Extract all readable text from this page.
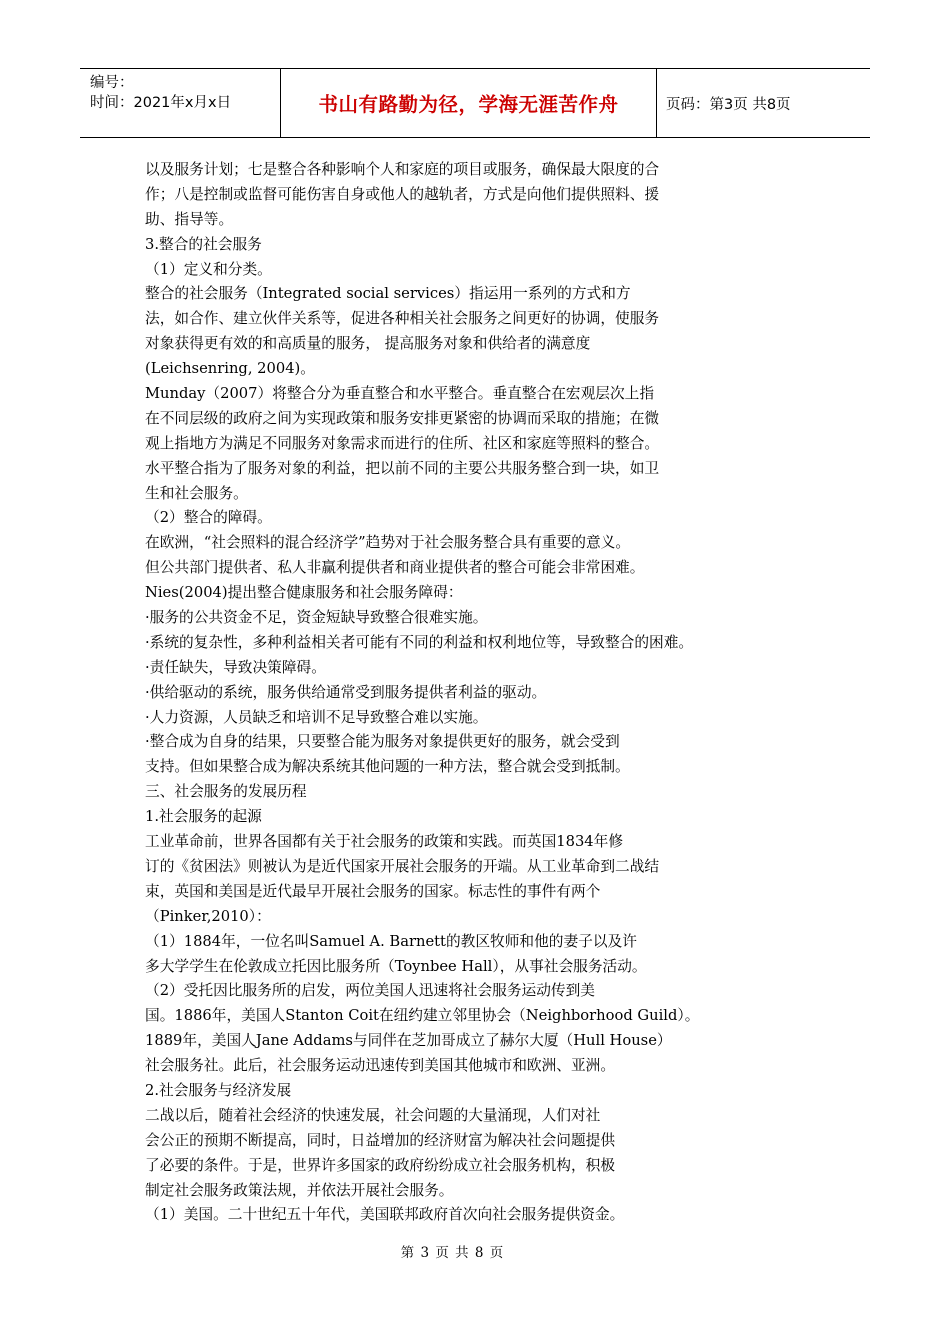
编号：
时间：2021年x月x日	书山有路勤为径，学海无涯苦作舟	页码：第3页 共8页
以及服务计划；七是整合各种影响个人和家庭的项目或服务，确保最大限度的合
作；八是控制或监督可能伤害自身或他人的越轨者，方式是向他们提供照料、援
助、指导等。
3.整合的社会服务
（1）定义和分类。
整合的社会服务（Integrated social services）指运用一系列的方式和方
法，如合作、建立伙伴关系等，促进各种相关社会服务之间更好的协调，使服务
对象获得更有效的和高质量的服务， 提高服务对象和供给者的满意度
(Leichsenring, 2004)。
Munday（2007）将整合分为垂直整合和水平整合。垂直整合在宏观层次上指
在不同层级的政府之间为实现政策和服务安排更紧密的协调而采取的措施；在微
观上指地方为满足不同服务对象需求而进行的住所、社区和家庭等照料的整合。
水平整合指为了服务对象的利益，把以前不同的主要公共服务整合到一块，如卫
生和社会服务。
（2）整合的障碍。
在欧洲，“社会照料的混合经济学”趋势对于社会服务整合具有重要的意义。
但公共部门提供者、私人非赢利提供者和商业提供者的整合可能会非常困难。
Nies(2004)提出整合健康服务和社会服务障碍：
·服务的公共资金不足，资金短缺导致整合很难实施。
·系统的复杂性，多种利益相关者可能有不同的利益和权利地位等，导致整合的困难。
·责任缺失，导致决策障碍。
·供给驱动的系统，服务供给通常受到服务提供者利益的驱动。
·人力资源，人员缺乏和培训不足导致整合难以实施。
·整合成为自身的结果，只要整合能为服务对象提供更好的服务，就会受到
支持。但如果整合成为解决系统其他问题的一种方法，整合就会受到抵制。
三、社会服务的发展历程
1.社会服务的起源
工业革命前，世界各国都有关于社会服务的政策和实践。而英国1834年修
订的《贫困法》则被认为是近代国家开展社会服务的开端。从工业革命到二战结
束，英国和美国是近代最早开展社会服务的国家。标志性的事件有两个
（Pinker,2010）：
（1）1884年，一位名叫Samuel A. Barnett的教区牧师和他的妻子以及许
多大学学生在伦敦成立托因比服务所（Toynbee Hall），从事社会服务活动。
（2）受托因比服务所的启发，两位美国人迅速将社会服务运动传到美
国。1886年，美国人Stanton Coit在纽约建立邻里协会（Neighborhood Guild）。
1889年，美国人Jane Addams与同伴在芝加哥成立了赫尔大厦（Hull House）
社会服务社。此后，社会服务运动迅速传到美国其他城市和欧洲、亚洲。
2.社会服务与经济发展
二战以后，随着社会经济的快速发展，社会问题的大量涌现，人们对社
会公正的预期不断提高，同时，日益增加的经济财富为解决社会问题提供
了必要的条件。于是，世界许多国家的政府纷纷成立社会服务机构，积极
制定社会服务政策法规，并依法开展社会服务。
（1）美国。二十世纪五十年代，美国联邦政府首次向社会服务提供资金。
第 3 页 共 8 页
